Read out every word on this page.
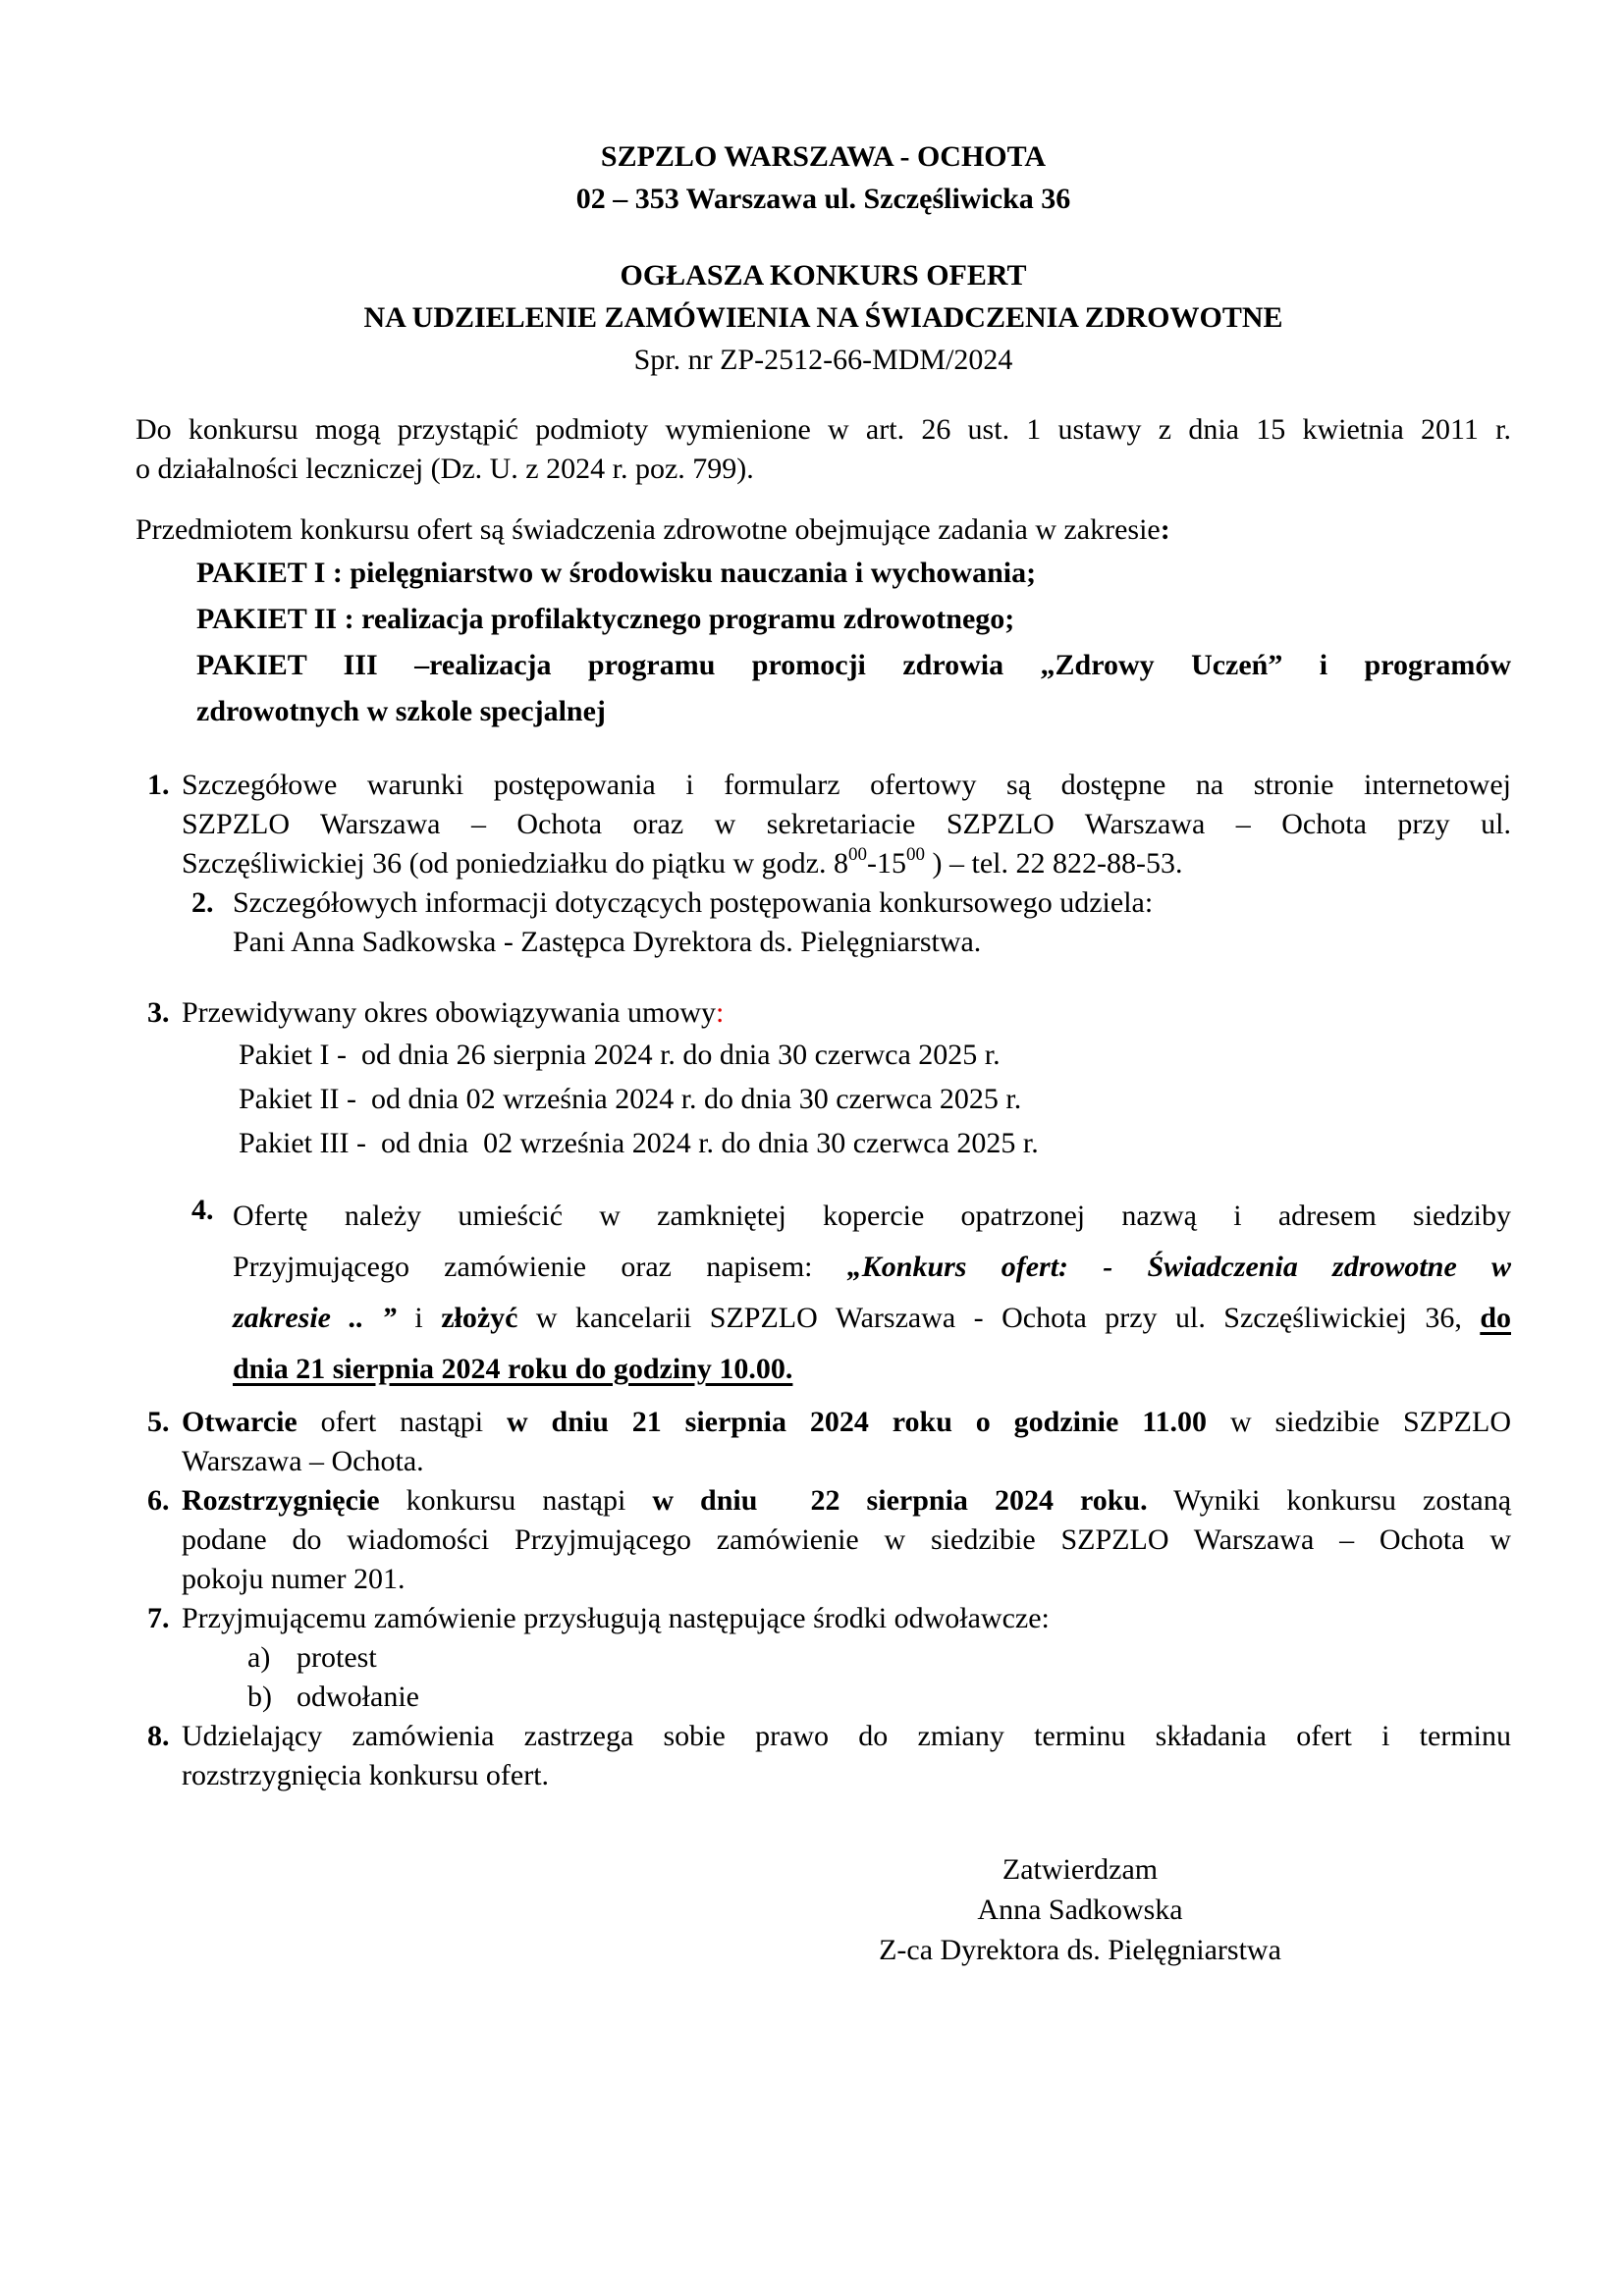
SZPZLO WARSZAWA - OCHOTA
02 – 353 Warszawa ul. Szczęśliwicka 36
OGŁASZA KONKURS OFERT
NA UDZIELENIE ZAMÓWIENIA NA ŚWIADCZENIA ZDROWOTNE
Spr. nr ZP-2512-66-MDM/2024
Do konkursu mogą przystąpić podmioty wymienione w art. 26 ust. 1 ustawy z dnia 15 kwietnia 2011 r.
o działalności leczniczej (Dz. U. z 2024 r. poz. 799).
Przedmiotem konkursu ofert są świadczenia zdrowotne obejmujące zadania w zakresie:
PAKIET I : pielęgniarstwo w środowisku nauczania i wychowania;
PAKIET II : realizacja profilaktycznego programu zdrowotnego;
PAKIET III –realizacja programu promocji zdrowia „Zdrowy Uczeń” i programów
zdrowotnych w szkole specjalnej
1. Szczegółowe warunki postępowania i formularz ofertowy są dostępne na stronie internetowej
SZPZLO Warszawa – Ochota oraz w sekretariacie SZPZLO Warszawa – Ochota przy ul.
Szczęśliwickiej 36 (od poniedziałku do piątku w godz. $8^{00}-15^{00}$ ) – tel. 22 822-88-53.
2. Szczegółowych informacji dotyczących postępowania konkursowego udziela:
Pani Anna Sadkowska - Zastępca Dyrektora ds. Pielęgniarstwa.
3. Przewidywany okres obowiązywania umowy:
Pakiet I -  od dnia 26 sierpnia 2024 r. do dnia 30 czerwca 2025 r.
Pakiet II -  od dnia 02 września 2024 r. do dnia 30 czerwca 2025 r.
Pakiet III -  od dnia  02 września 2024 r. do dnia 30 czerwca 2025 r.
4. Ofertę należy umieścić w zamkniętej kopercie opatrzonej nazwą i adresem siedziby
Przyjmującego zamówienie oraz napisem: „Konkurs ofert: - Świadczenia zdrowotne w
zakresie .. ” i złożyć w kancelarii SZPZLO Warszawa - Ochota przy ul. Szczęśliwickiej 36, do
dnia 21 sierpnia 2024 roku do godziny 10.00.
5. Otwarcie ofert nastąpi w dniu 21 sierpnia 2024 roku o godzinie 11.00 w siedzibie SZPZLO
Warszawa – Ochota.
6. Rozstrzygnięcie konkursu nastąpi w dniu  22 sierpnia 2024 roku. Wyniki konkursu zostaną
podane do wiadomości Przyjmującego zamówienie w siedzibie SZPZLO Warszawa – Ochota w
pokoju numer 201.
7. Przyjmującemu zamówienie przysługują następujące środki odwoławcze:
a) protest
b) odwołanie
8. Udzielający zamówienia zastrzega sobie prawo do zmiany terminu składania ofert i terminu
rozstrzygnięcia konkursu ofert.
Zatwierdzam
Anna Sadkowska
Z-ca Dyrektora ds. Pielęgniarstwa
